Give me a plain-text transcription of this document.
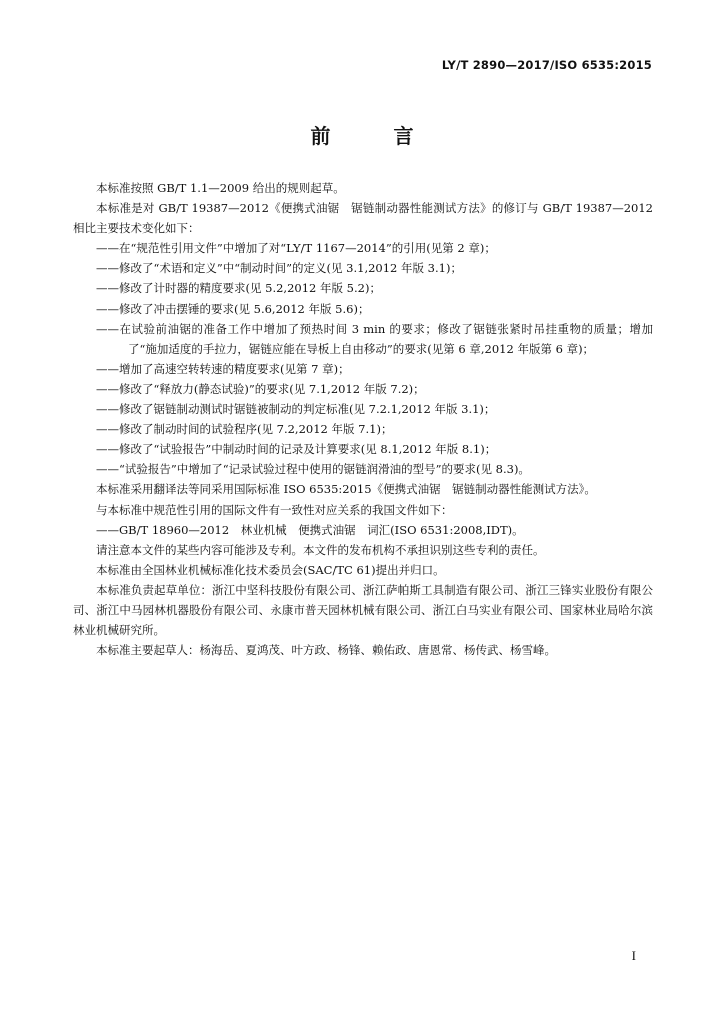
LY/T 2890—2017/ISO 6535:2015
前 言

本标准按照 GB/T 1.1—2009 给出的规则起草。

本标准是对 GB/T 19387—2012《便携式油锯　锯链制动器性能测试方法》的修订与 GB/T 19387—2012 相比主要技术变化如下：

——在“规范性引用文件”中增加了对“LY/T 1167—2014”的引用(见第 2 章)；

——修改了“术语和定义”中“制动时间”的定义(见 3.1,2012 年版 3.1)；

——修改了计时器的精度要求(见 5.2,2012 年版 5.2)；

——修改了冲击摆锤的要求(见 5.6,2012 年版 5.6)；

——在试验前油锯的准备工作中增加了预热时间 3 min 的要求；修改了锯链张紧时吊挂重物的质量；增加了“施加适度的手拉力，锯链应能在导板上自由移动”的要求(见第 6 章,2012 年版第 6 章)；

——增加了高速空转转速的精度要求(见第 7 章)；

——修改了“释放力(静态试验)”的要求(见 7.1,2012 年版 7.2)；

——修改了锯链制动测试时锯链被制动的判定标准(见 7.2.1,2012 年版 3.1)；

——修改了制动时间的试验程序(见 7.2,2012 年版 7.1)；

——修改了“试验报告”中制动时间的记录及计算要求(见 8.1,2012 年版 8.1)；

——“试验报告”中增加了“记录试验过程中使用的锯链润滑油的型号”的要求(见 8.3)。

本标准采用翻译法等同采用国际标准 ISO 6535:2015《便携式油锯　锯链制动器性能测试方法》。

与本标准中规范性引用的国际文件有一致性对应关系的我国文件如下：

——GB/T 18960—2012　林业机械　便携式油锯　词汇(ISO 6531:2008,IDT)。

请注意本文件的某些内容可能涉及专利。本文件的发布机构不承担识别这些专利的责任。

本标准由全国林业机械标准化技术委员会(SAC/TC 61)提出并归口。

本标准负责起草单位：浙江中坚科技股份有限公司、浙江萨帕斯工具制造有限公司、浙江三锋实业股份有限公司、浙江中马园林机器股份有限公司、永康市普天园林机械有限公司、浙江白马实业有限公司、国家林业局哈尔滨林业机械研究所。

本标准主要起草人：杨海岳、夏鸿茂、叶方政、杨锋、赖佑政、唐恩常、杨传武、杨雪峰。

I
